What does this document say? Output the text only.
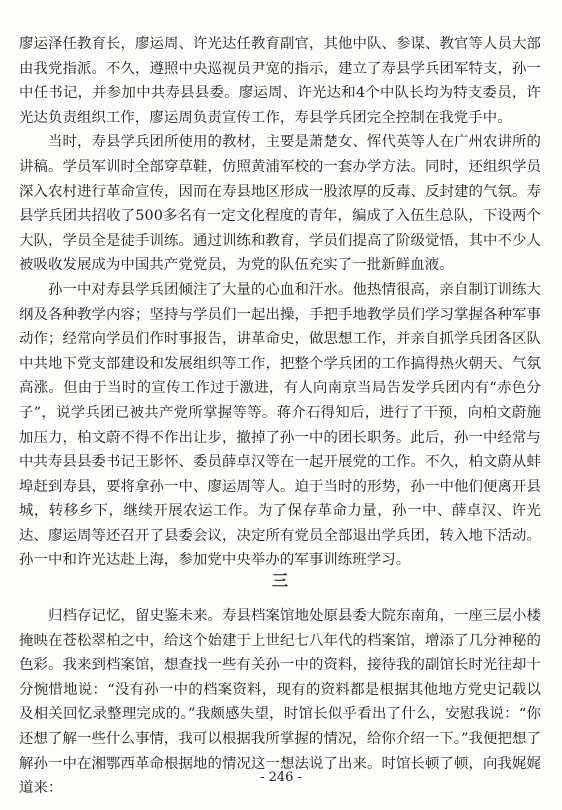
廖运泽任教育长，廖运周、许光达任教育副官，其他中队、参谋、教官等人员大部由我党指派。不久，遵照中央巡视员尹宽的指示，建立了寿县学兵团军特支，孙一中任书记，并参加中共寿县县委。廖运周、许光达和4个中队长均为特支委员，许光达负责组织工作，廖运周负责宣传工作，寿县学兵团完全控制在我党手中。

当时，寿县学兵团所使用的教材，主要是萧楚女、恽代英等人在广州农讲所的讲稿。学员军训时全部穿草鞋，仿照黄浦军校的一套办学方法。同时，还组织学员深入农村进行革命宣传，因而在寿县地区形成一股浓厚的反毒、反封建的气氛。寿县学兵团共招收了500多名有一定文化程度的青年，编成了入伍生总队，下设两个大队，学员全是徒手训练。通过训练和教育，学员们提高了阶级觉悟，其中不少人被吸收发展成为中国共产党党员，为党的队伍充实了一批新鲜血液。

孙一中对寿县学兵团倾注了大量的心血和汗水。他热情很高，亲自制订训练大纲及各种教学内容；坚持与学员们一起出操，手把手地教学员们学习掌握各种军事动作；经常向学员们作时事报告，讲革命史，做思想工作，并亲自抓学兵团各区队中共地下党支部建设和发展组织等工作，把整个学兵团的工作搞得热火朝天、气氛高涨。但由于当时的宣传工作过于激进，有人向南京当局告发学兵团内有“赤色分子”，说学兵团已被共产党所掌握等等。蒋介石得知后，进行了干预，向柏文蔚施加压力，柏文蔚不得不作出让步，撤掉了孙一中的团长职务。此后，孙一中经常与中共寿县县委书记王影怀、委员薛卓汉等在一起开展党的工作。不久，柏文蔚从蚌埠赶到寿县，要将拿孙一中、廖运周等人。迫于当时的形势，孙一中他们便离开县城，转移乡下，继续开展农运工作。为了保存革命力量，孙一中、薛卓汉、许光达、廖运周等还召开了县委会议，决定所有党员全部退出学兵团，转入地下活动。孙一中和许光达赴上海，参加党中央举办的军事训练班学习。

三

归档存记忆，留史鉴未来。寿县档案馆地处原县委大院东南角，一座三层小楼掩映在苍松翠柏之中，给这个始建于上世纪七八年代的档案馆，增添了几分神秘的色彩。我来到档案馆，想查找一些有关孙一中的资料，接待我的副馆长时光往却十分惋惜地说：“没有孙一中的档案资料，现有的资料都是根据其他地方党史记载以及相关回忆录整理完成的。”我颇感失望，时馆长似乎看出了什么，安慰我说：“你还想了解一些什么事情，我可以根据我所掌握的情况，给你介绍一下。”我便把想了解孙一中在湘鄂西革命根据地的情况这一想法说了出来。时馆长顿了顿，向我娓娓道来：

- 246 -
